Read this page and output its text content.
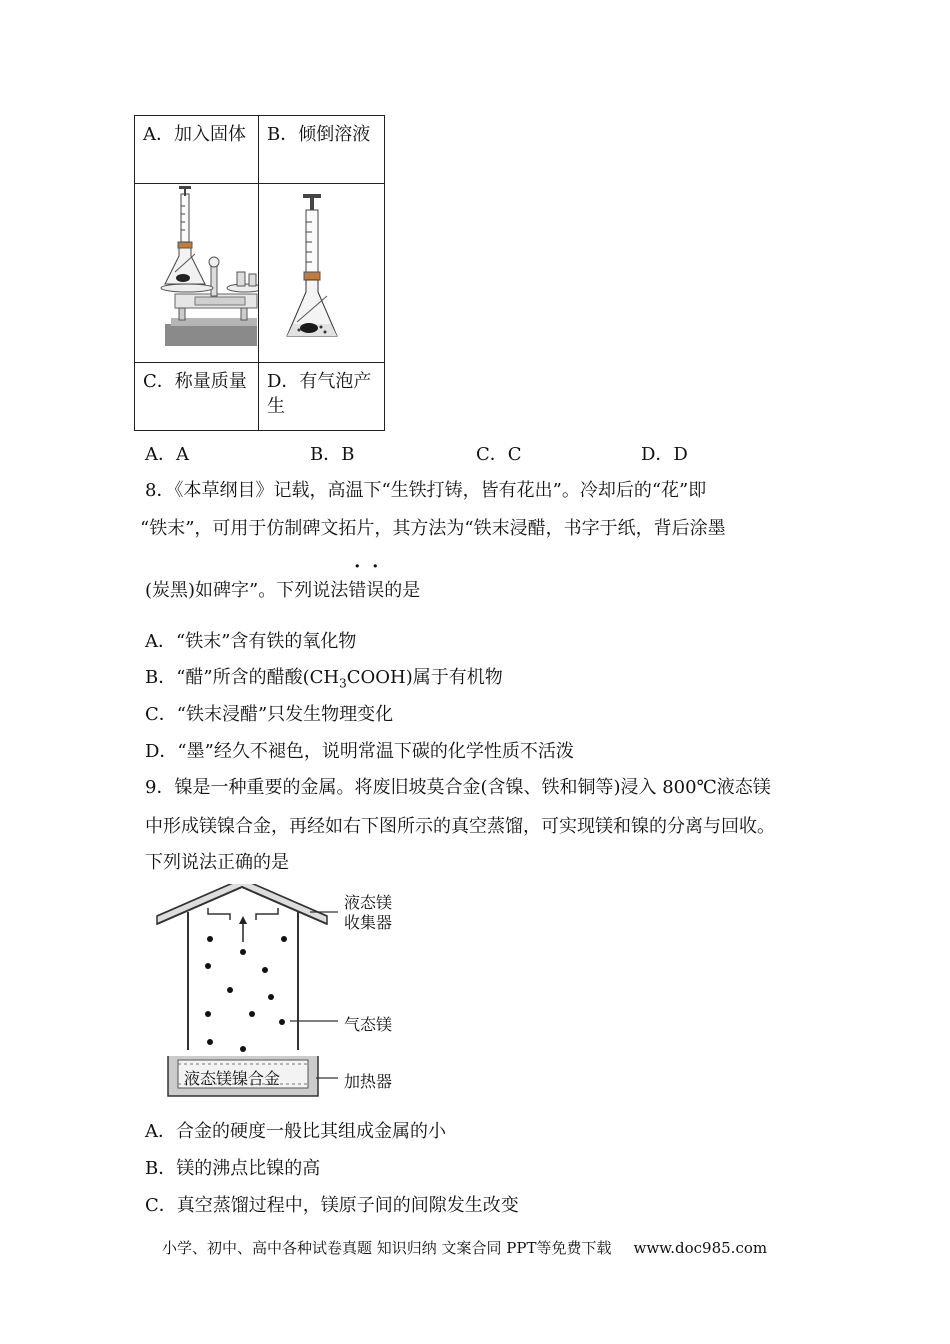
A．加入固体	B．倾倒溶液

C．称量质量	D．有气泡产生
A．A	B．B	C．C	D．D
8．《本草纲目》记载，高温下“生铁打铸，皆有花出”。冷却后的“花”即
“铁末”，可用于仿制碑文拓片，其方法为“铁末浸醋，书字于纸，背后涂墨
(炭黑)如碑字”。下列说法错误的是
A．“铁末”含有铁的氧化物
B．“醋”所含的醋酸$(CH_3COOH)$属于有机物
C．“铁末浸醋”只发生物理变化
D．“墨”经久不褪色，说明常温下碳的化学性质不活泼
9．镍是一种重要的金属。将废旧坡莫合金(含镍、铁和铜等)浸入 800℃液态镁
中形成镁镍合金，再经如右下图所示的真空蒸馏，可实现镁和镍的分离与回收。
下列说法正确的是
液态镁
收集器
气态镁
加热器
液态镁镍合金
A．合金的硬度一般比其组成金属的小
B．镁的沸点比镍的高
C．真空蒸馏过程中，镁原子间的间隙发生改变
小学、初中、高中各种试卷真题 知识归纳 文案合同 PPT等免费下载 www.doc985.com
